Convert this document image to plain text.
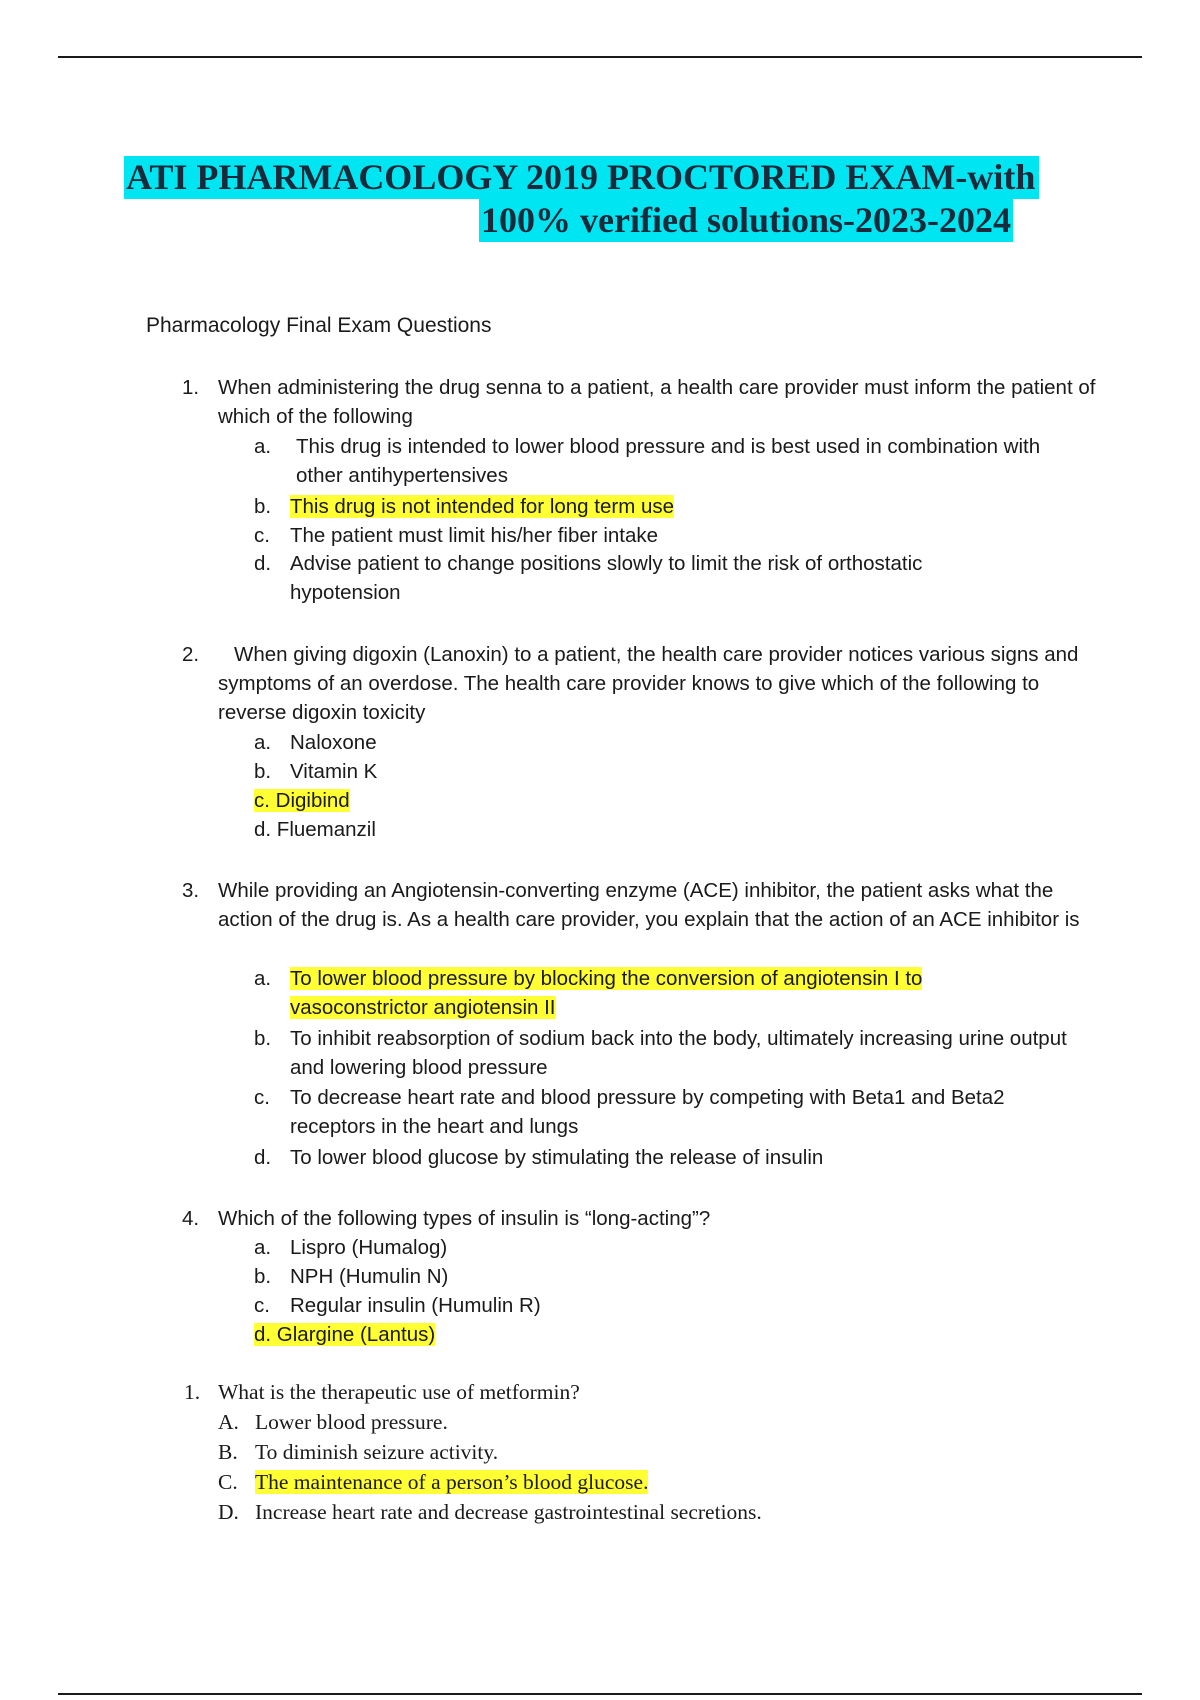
ATI PHARMACOLOGY 2019 PROCTORED EXAM-with
100% verified solutions-2023-2024
Pharmacology Final Exam Questions
1. When administering the drug senna to a patient, a health care provider must inform the patient of which of the following
a. This drug is intended to lower blood pressure and is best used in combination with other antihypertensives
b. This drug is not intended for long term use
c. The patient must limit his/her fiber intake
d. Advise patient to change positions slowly to limit the risk of orthostatic hypotension
2.	When giving digoxin (Lanoxin) to a patient, the health care provider notices various signs and symptoms of an overdose. The health care provider knows to give which of the following to reverse digoxin toxicity
a. Naloxone
b. Vitamin K
c. Digibind
d. Fluemanzil
3. While providing an Angiotensin-converting enzyme (ACE) inhibitor, the patient asks what the action of the drug is. As a health care provider, you explain that the action of an ACE inhibitor is
a. To lower blood pressure by blocking the conversion of angiotensin I to vasoconstrictor angiotensin II
b. To inhibit reabsorption of sodium back into the body, ultimately increasing urine output and lowering blood pressure
c. To decrease heart rate and blood pressure by competing with Beta1 and Beta2 receptors in the heart and lungs
d. To lower blood glucose by stimulating the release of insulin
4. Which of the following types of insulin is “long-acting”?
a. Lispro (Humalog)
b. NPH (Humulin N)
c. Regular insulin (Humulin R)
d. Glargine (Lantus)
1. What is the therapeutic use of metformin?
A. Lower blood pressure.
B. To diminish seizure activity.
C. The maintenance of a person’s blood glucose.
D. Increase heart rate and decrease gastrointestinal secretions.
